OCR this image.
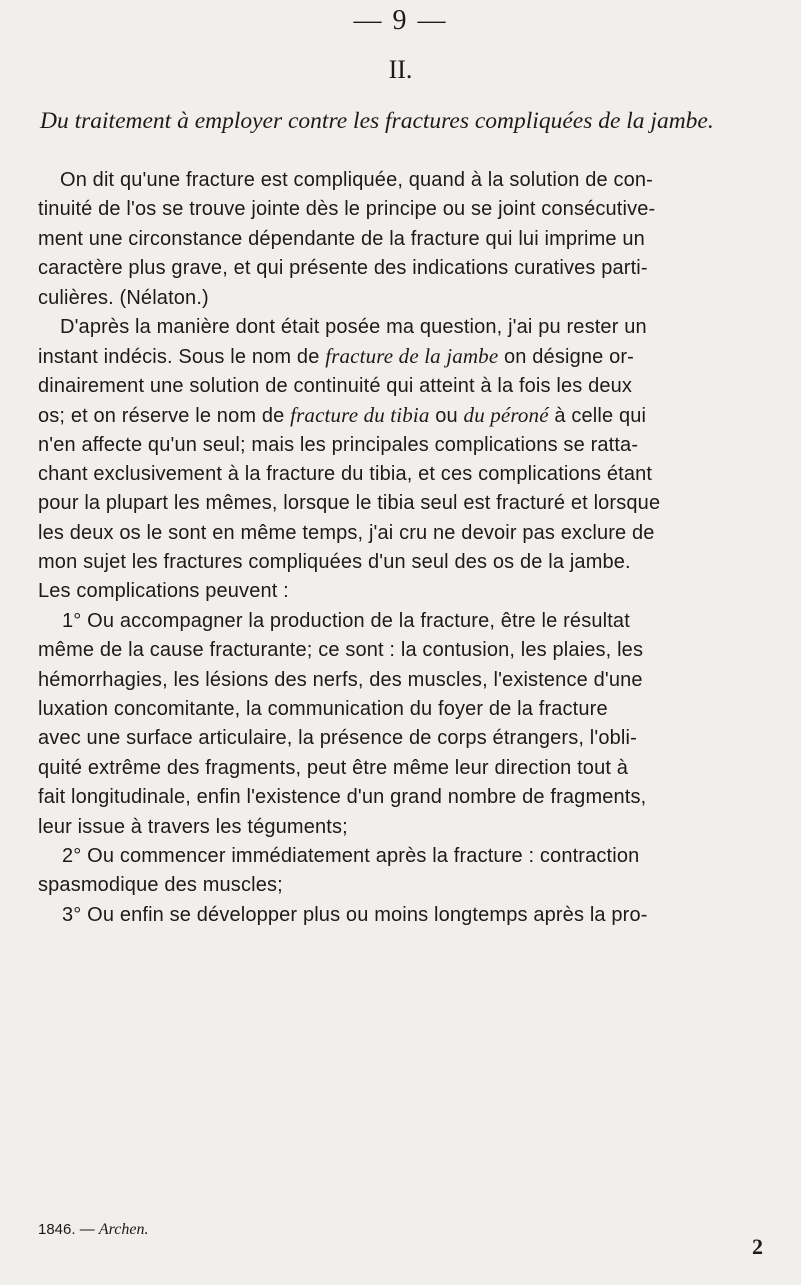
— 9 —
II.
Du traitement à employer contre les fractures compliquées de la jambe.
On dit qu'une fracture est compliquée, quand à la solution de con-
tinuité de l'os se trouve jointe dès le principe ou se joint consécutive-
ment une circonstance dépendante de la fracture qui lui imprime un
caractère plus grave, et qui présente des indications curatives parti-
culières. (Nélaton.)
D'après la manière dont était posée ma question, j'ai pu rester un
instant indécis. Sous le nom de fracture de la jambe on désigne or-
dinairement une solution de continuité qui atteint à la fois les deux
os; et on réserve le nom de fracture du tibia ou du péroné à celle qui
n'en affecte qu'un seul; mais les principales complications se ratta-
chant exclusivement à la fracture du tibia, et ces complications étant
pour la plupart les mêmes, lorsque le tibia seul est fracturé et lorsque
les deux os le sont en même temps, j'ai cru ne devoir pas exclure de
mon sujet les fractures compliquées d'un seul des os de la jambe.
Les complications peuvent :
1° Ou accompagner la production de la fracture, être le résultat
même de la cause fracturante; ce sont : la contusion, les plaies, les
hémorrhagies, les lésions des nerfs, des muscles, l'existence d'une
luxation concomitante, la communication du foyer de la fracture
avec une surface articulaire, la présence de corps étrangers, l'obli-
quité extrême des fragments, peut être même leur direction tout à
fait longitudinale, enfin l'existence d'un grand nombre de fragments,
leur issue à travers les téguments;
2° Ou commencer immédiatement après la fracture : contraction
spasmodique des muscles;
3° Ou enfin se développer plus ou moins longtemps après la pro-
1846. — Archen.
2
